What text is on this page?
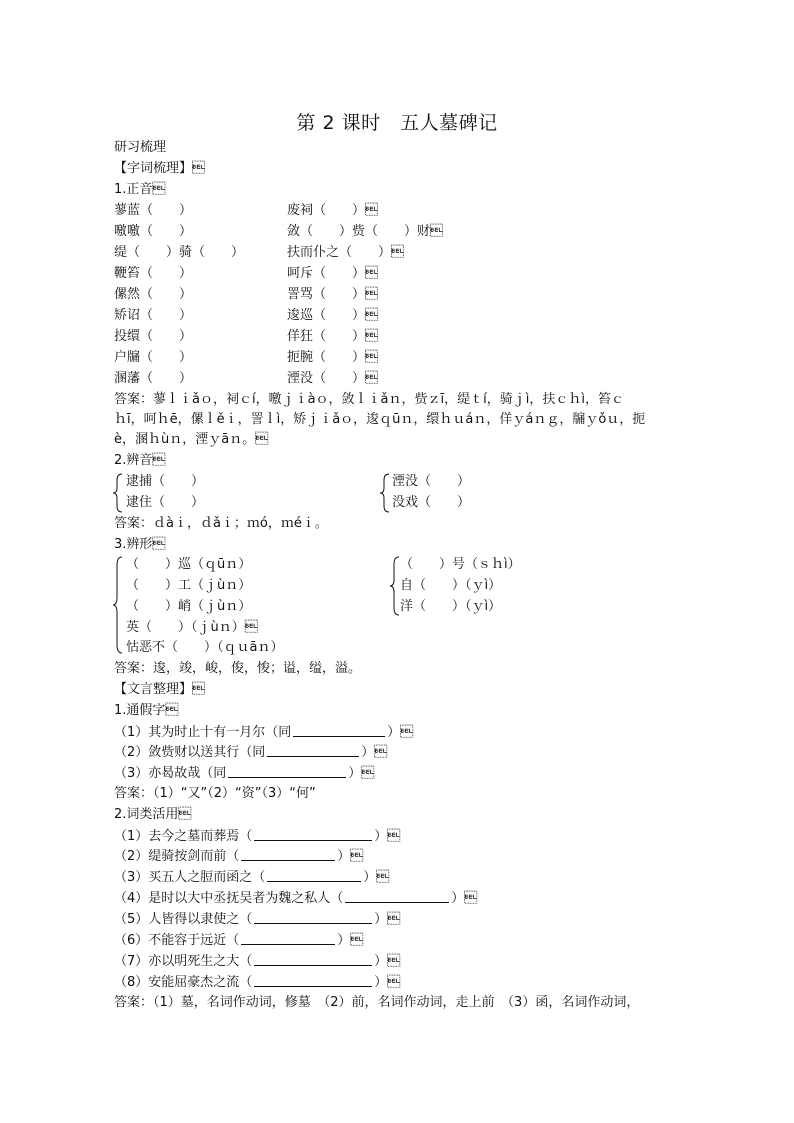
第 2 课时　五人墓碑记
研习梳理
【字词梳理】
1.正音
蓼蓝（　　）	废祠（　　）
噭噭（　　）	敛（　　）赀（　　）财
缇（　　）骑（　　）	扶而仆之（　　）
鞭笞（　　）	呵斥（　　）
傫然（　　）	詈骂（　　）
矫诏（　　）	逡巡（　　）
投缳（　　）	佯狂（　　）
户牖（　　）	扼腕（　　）
溷藩（　　）	湮没（　　）
答案：蓼ｌｉǎｏ，祠ｃí，噭ｊｉàｏ，敛ｌｉǎｎ，赀ｚī，缇ｔí，骑ｊì，扶ｃｈì，笞ｃ
ｈī，呵ｈē，傫ｌěｉ，詈ｌì，矫ｊｉǎｏ，逡ｑūｎ，缳ｈｕáｎ，佯ｙáｎｇ，牖ｙǒｕ，扼
è，溷ｈùｎ，湮ｙāｎ。
2.辨音
逮捕（　　）
逮住（　　）
湮没（　　）
没戏（　　）
答案：ｄàｉ，ｄǎｉ；ｍó，ｍéｉ。
3.辨形
（　　）巡（ｑūｎ）
（　　）工（ｊùｎ）
（　　）峭（ｊùｎ）
英（　　）（ｊùｎ）
怙恶不（　　）（ｑｕāｎ）
（　　）号（ｓｈì）
自（　　）（ｙì）
洋（　　）（ｙì）
答案：逡，竣，峻，俊，悛；谥，缢，溢。
【文言整理】
1.通假字
（1）其为时止十有一月尔（同	）
（2）敛赀财以送其行（同	）
（3）亦曷故哉（同	）
答案：（1）“又”（2）“资”（3）“何”
2.词类活用
（1）去今之墓而葬焉（	）
（2）缇骑按剑而前（	）
（3）买五人之脰而函之（	）
（4）是时以大中丞抚吴者为魏之私人（	）
（5）人皆得以隶使之（	）
（6）不能容于远近（	）
（7）亦以明死生之大（	）
（8）安能屈豪杰之流（	）
答案：（1）墓，名词作动词，修墓　（2）前，名词作动词，走上前　（3）函，名词作动词，
